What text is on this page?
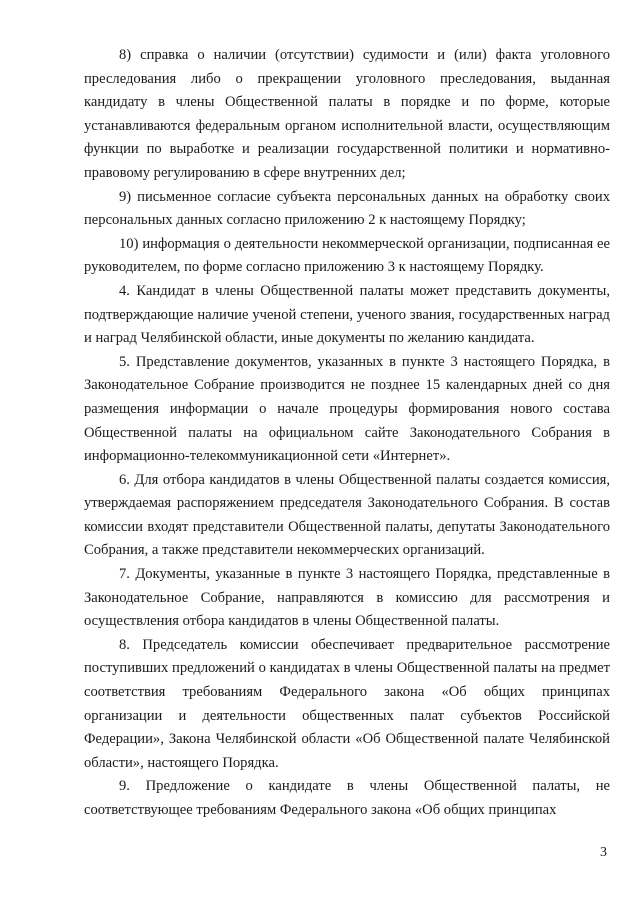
8) справка о наличии (отсутствии) судимости и (или) факта уголовного преследования либо о прекращении уголовного преследования, выданная кандидату в члены Общественной палаты в порядке и по форме, которые устанавливаются федеральным органом исполнительной власти, осуществляющим функции по выработке и реализации государственной политики и нормативно-правовому регулированию в сфере внутренних дел;

9) письменное согласие субъекта персональных данных на обработку своих персональных данных согласно приложению 2 к настоящему Порядку;

10) информация о деятельности некоммерческой организации, подписанная ее руководителем, по форме согласно приложению 3 к настоящему Порядку.

4. Кандидат в члены Общественной палаты может представить документы, подтверждающие наличие ученой степени, ученого звания, государственных наград и наград Челябинской области, иные документы по желанию кандидата.

5. Представление документов, указанных в пункте 3 настоящего Порядка, в Законодательное Собрание производится не позднее 15 календарных дней со дня размещения информации о начале процедуры формирования нового состава Общественной палаты на официальном сайте Законодательного Собрания в информационно-телекоммуникационной сети «Интернет».

6. Для отбора кандидатов в члены Общественной палаты создается комиссия, утверждаемая распоряжением председателя Законодательного Собрания. В состав комиссии входят представители Общественной палаты, депутаты Законодательного Собрания, а также представители некоммерческих организаций.

7. Документы, указанные в пункте 3 настоящего Порядка, представленные в Законодательное Собрание, направляются в комиссию для рассмотрения и осуществления отбора кандидатов в члены Общественной палаты.

8. Председатель комиссии обеспечивает предварительное рассмотрение поступивших предложений о кандидатах в члены Общественной палаты на предмет соответствия требованиям Федерального закона «Об общих принципах организации и деятельности общественных палат субъектов Российской Федерации», Закона Челябинской области «Об Общественной палате Челябинской области», настоящего Порядка.

9. Предложение о кандидате в члены Общественной палаты, не соответствующее требованиям Федерального закона «Об общих принципах

3
